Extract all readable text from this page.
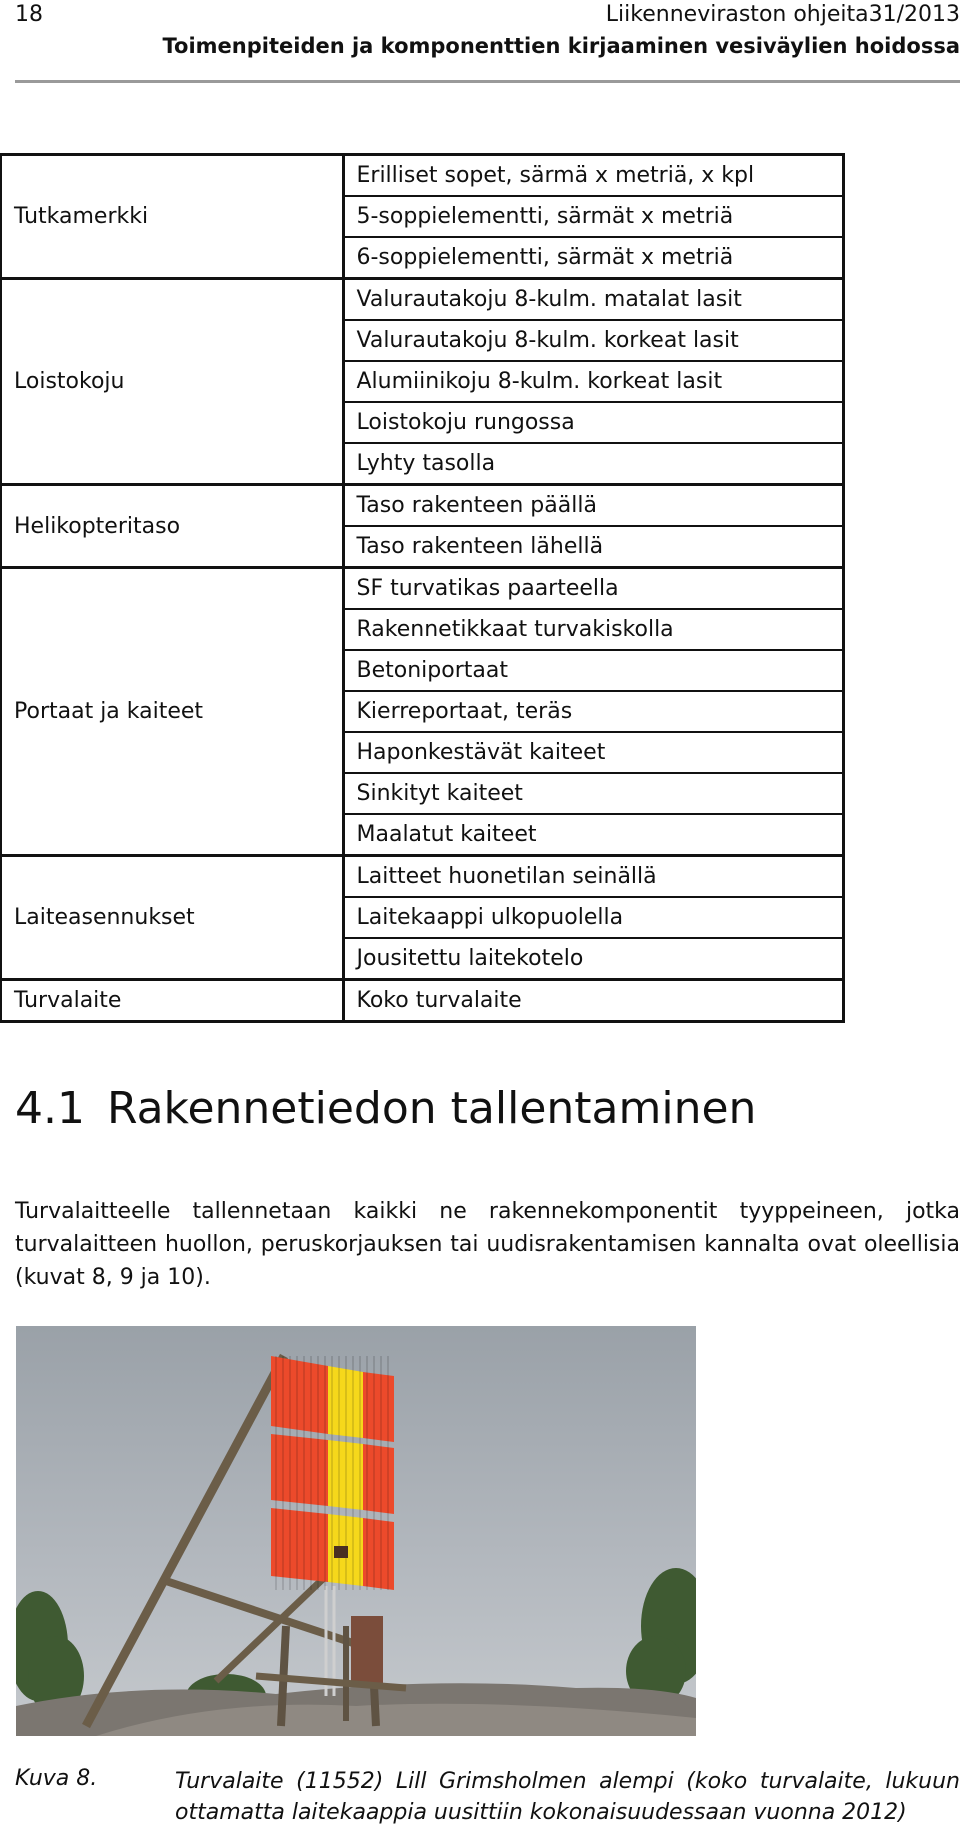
18	Liikenneviraston ohjeita31/2013
Toimenpiteiden ja komponenttien kirjaaminen vesiväylien hoidossa
Tutkamerkki	Erilliset sopet, särmä x metriä, x kpl
	5-soppielementti, särmät x metriä
	6-soppielementti, särmät x metriä
Loistokoju	Valurautakoju 8-kulm. matalat lasit
	Valurautakoju 8-kulm. korkeat lasit
	Alumiinikoju 8-kulm. korkeat lasit
	Loistokoju rungossa
	Lyhty tasolla
Helikopteritaso	Taso rakenteen päällä
	Taso rakenteen lähellä
Portaat ja kaiteet	SF turvatikas paarteella
	Rakennetikkaat turvakiskolla
	Betoniportaat
	Kierreportaat, teräs
	Haponkestävät kaiteet
	Sinkityt kaiteet
	Maalatut kaiteet
Laiteasennukset	Laitteet huonetilan seinällä
	Laitekaappi ulkopuolella
	Jousitettu laitekotelo
Turvalaite	Koko turvalaite
4.1 Rakennetiedon tallentaminen
Turvalaitteelle tallennetaan kaikki ne rakennekomponentit tyyppeineen, jotka turvalaitteen huollon, peruskorjauksen tai uudisrakentamisen kannalta ovat oleellisia (kuvat 8, 9 ja 10).
Kuva 8.	Turvalaite (11552) Lill Grimsholmen alempi (koko turvalaite, lukuun ottamatta laitekaappia uusittiin kokonaisuudessaan vuonna 2012)
